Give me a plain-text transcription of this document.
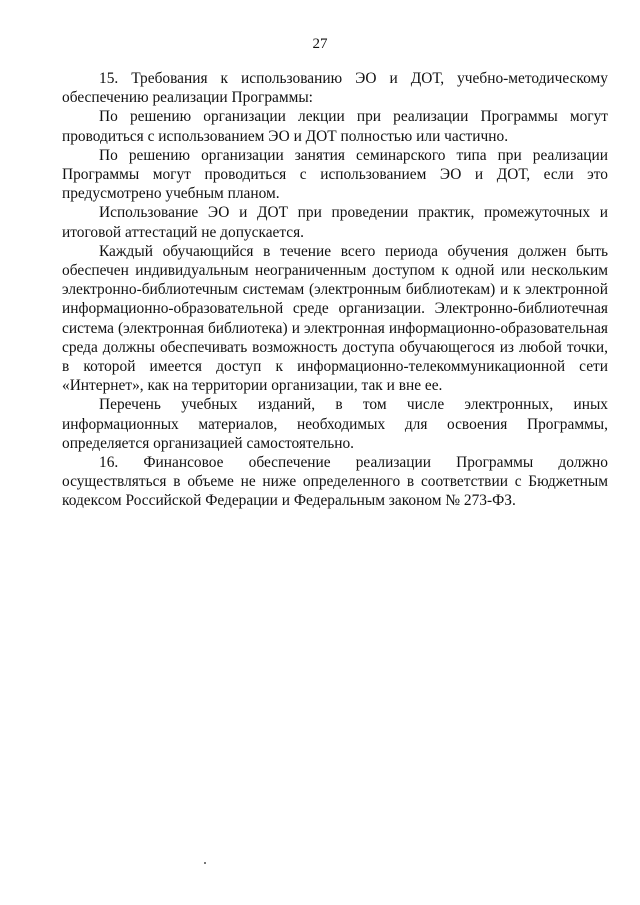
27

15. Требования к использованию ЭО и ДОТ, учебно-методическому обеспечению реализации Программы:

По решению организации лекции при реализации Программы могут проводиться с использованием ЭО и ДОТ полностью или частично.

По решению организации занятия семинарского типа при реализации Программы могут проводиться с использованием ЭО и ДОТ, если это предусмотрено учебным планом.

Использование ЭО и ДОТ при проведении практик, промежуточных и итоговой аттестаций не допускается.

Каждый обучающийся в течение всего периода обучения должен быть обеспечен индивидуальным неограниченным доступом к одной или нескольким электронно-библиотечным системам (электронным библиотекам) и к электронной информационно-образовательной среде организации. Электронно-библиотечная система (электронная библиотека) и электронная информационно-образовательная среда должны обеспечивать возможность доступа обучающегося из любой точки, в которой имеется доступ к информационно-телекоммуникационной сети «Интернет», как на территории организации, так и вне ее.

Перечень учебных изданий, в том числе электронных, иных информационных материалов, необходимых для освоения Программы, определяется организацией самостоятельно.

16. Финансовое обеспечение реализации Программы должно осуществляться в объеме не ниже определенного в соответствии с Бюджетным кодексом Российской Федерации и Федеральным законом № 273-ФЗ.
